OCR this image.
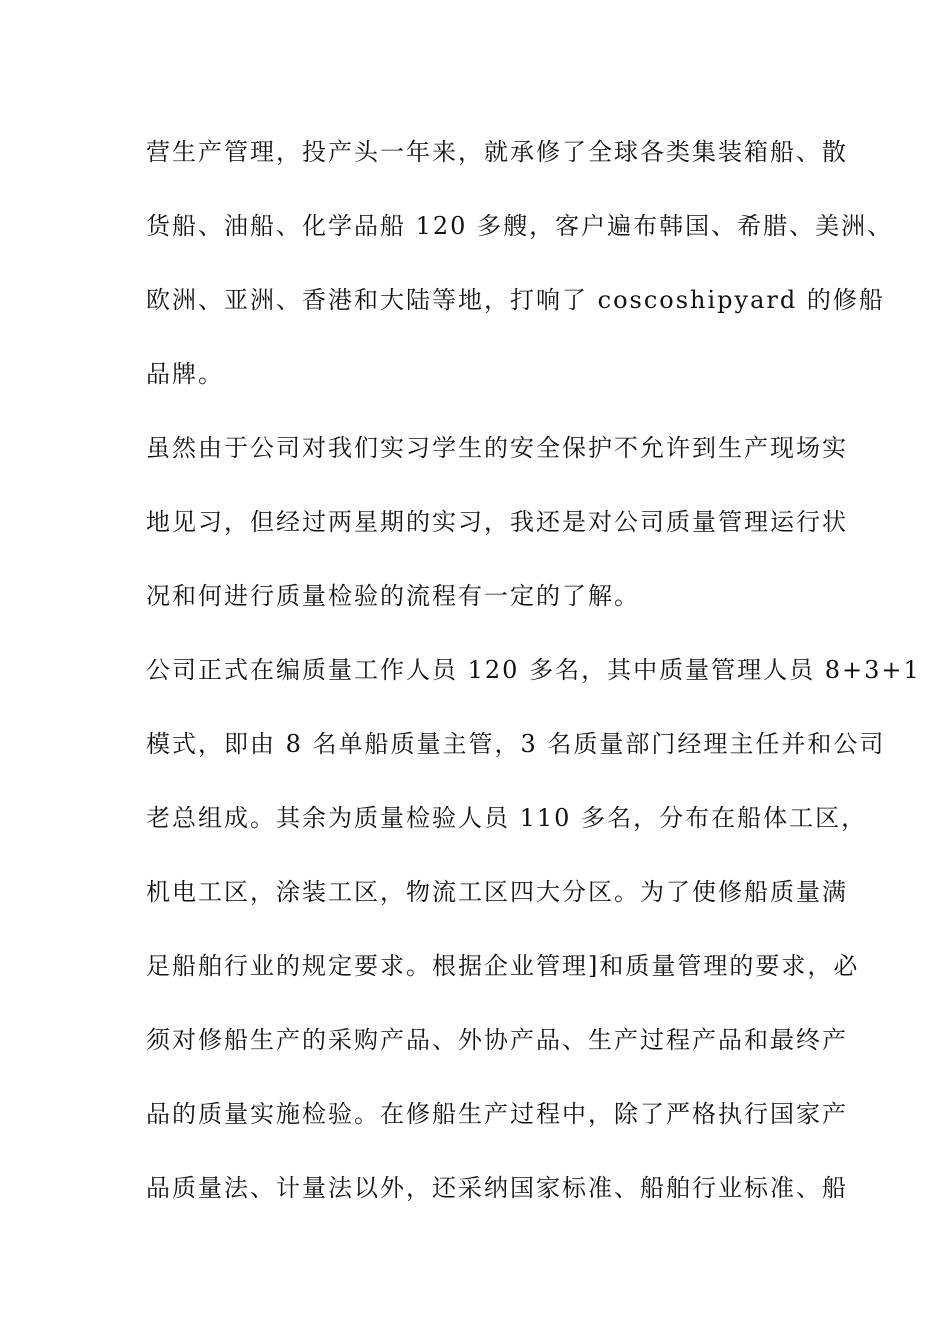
营生产管理，投产头一年来，就承修了全球各类集装箱船、散
货船、油船、化学品船 120 多艘，客户遍布韩国、希腊、美洲、
欧洲、亚洲、香港和大陆等地，打响了 coscoshipyard 的修船
品牌。
虽然由于公司对我们实习学生的安全保护不允许到生产现场实
地见习，但经过两星期的实习，我还是对公司质量管理运行状
况和何进行质量检验的流程有一定的了解。
公司正式在编质量工作人员 120 多名，其中质量管理人员 8+3+1
模式，即由 8 名单船质量主管，3 名质量部门经理主任并和公司
老总组成。其余为质量检验人员 110 多名，分布在船体工区，
机电工区，涂装工区，物流工区四大分区。为了使修船质量满
足船舶行业的规定要求。根据企业管理]和质量管理的要求，必
须对修船生产的采购产品、外协产品、生产过程产品和最终产
品的质量实施检验。在修船生产过程中，除了严格执行国家产
品质量法、计量法以外，还采纳国家标准、船舶行业标准、船
